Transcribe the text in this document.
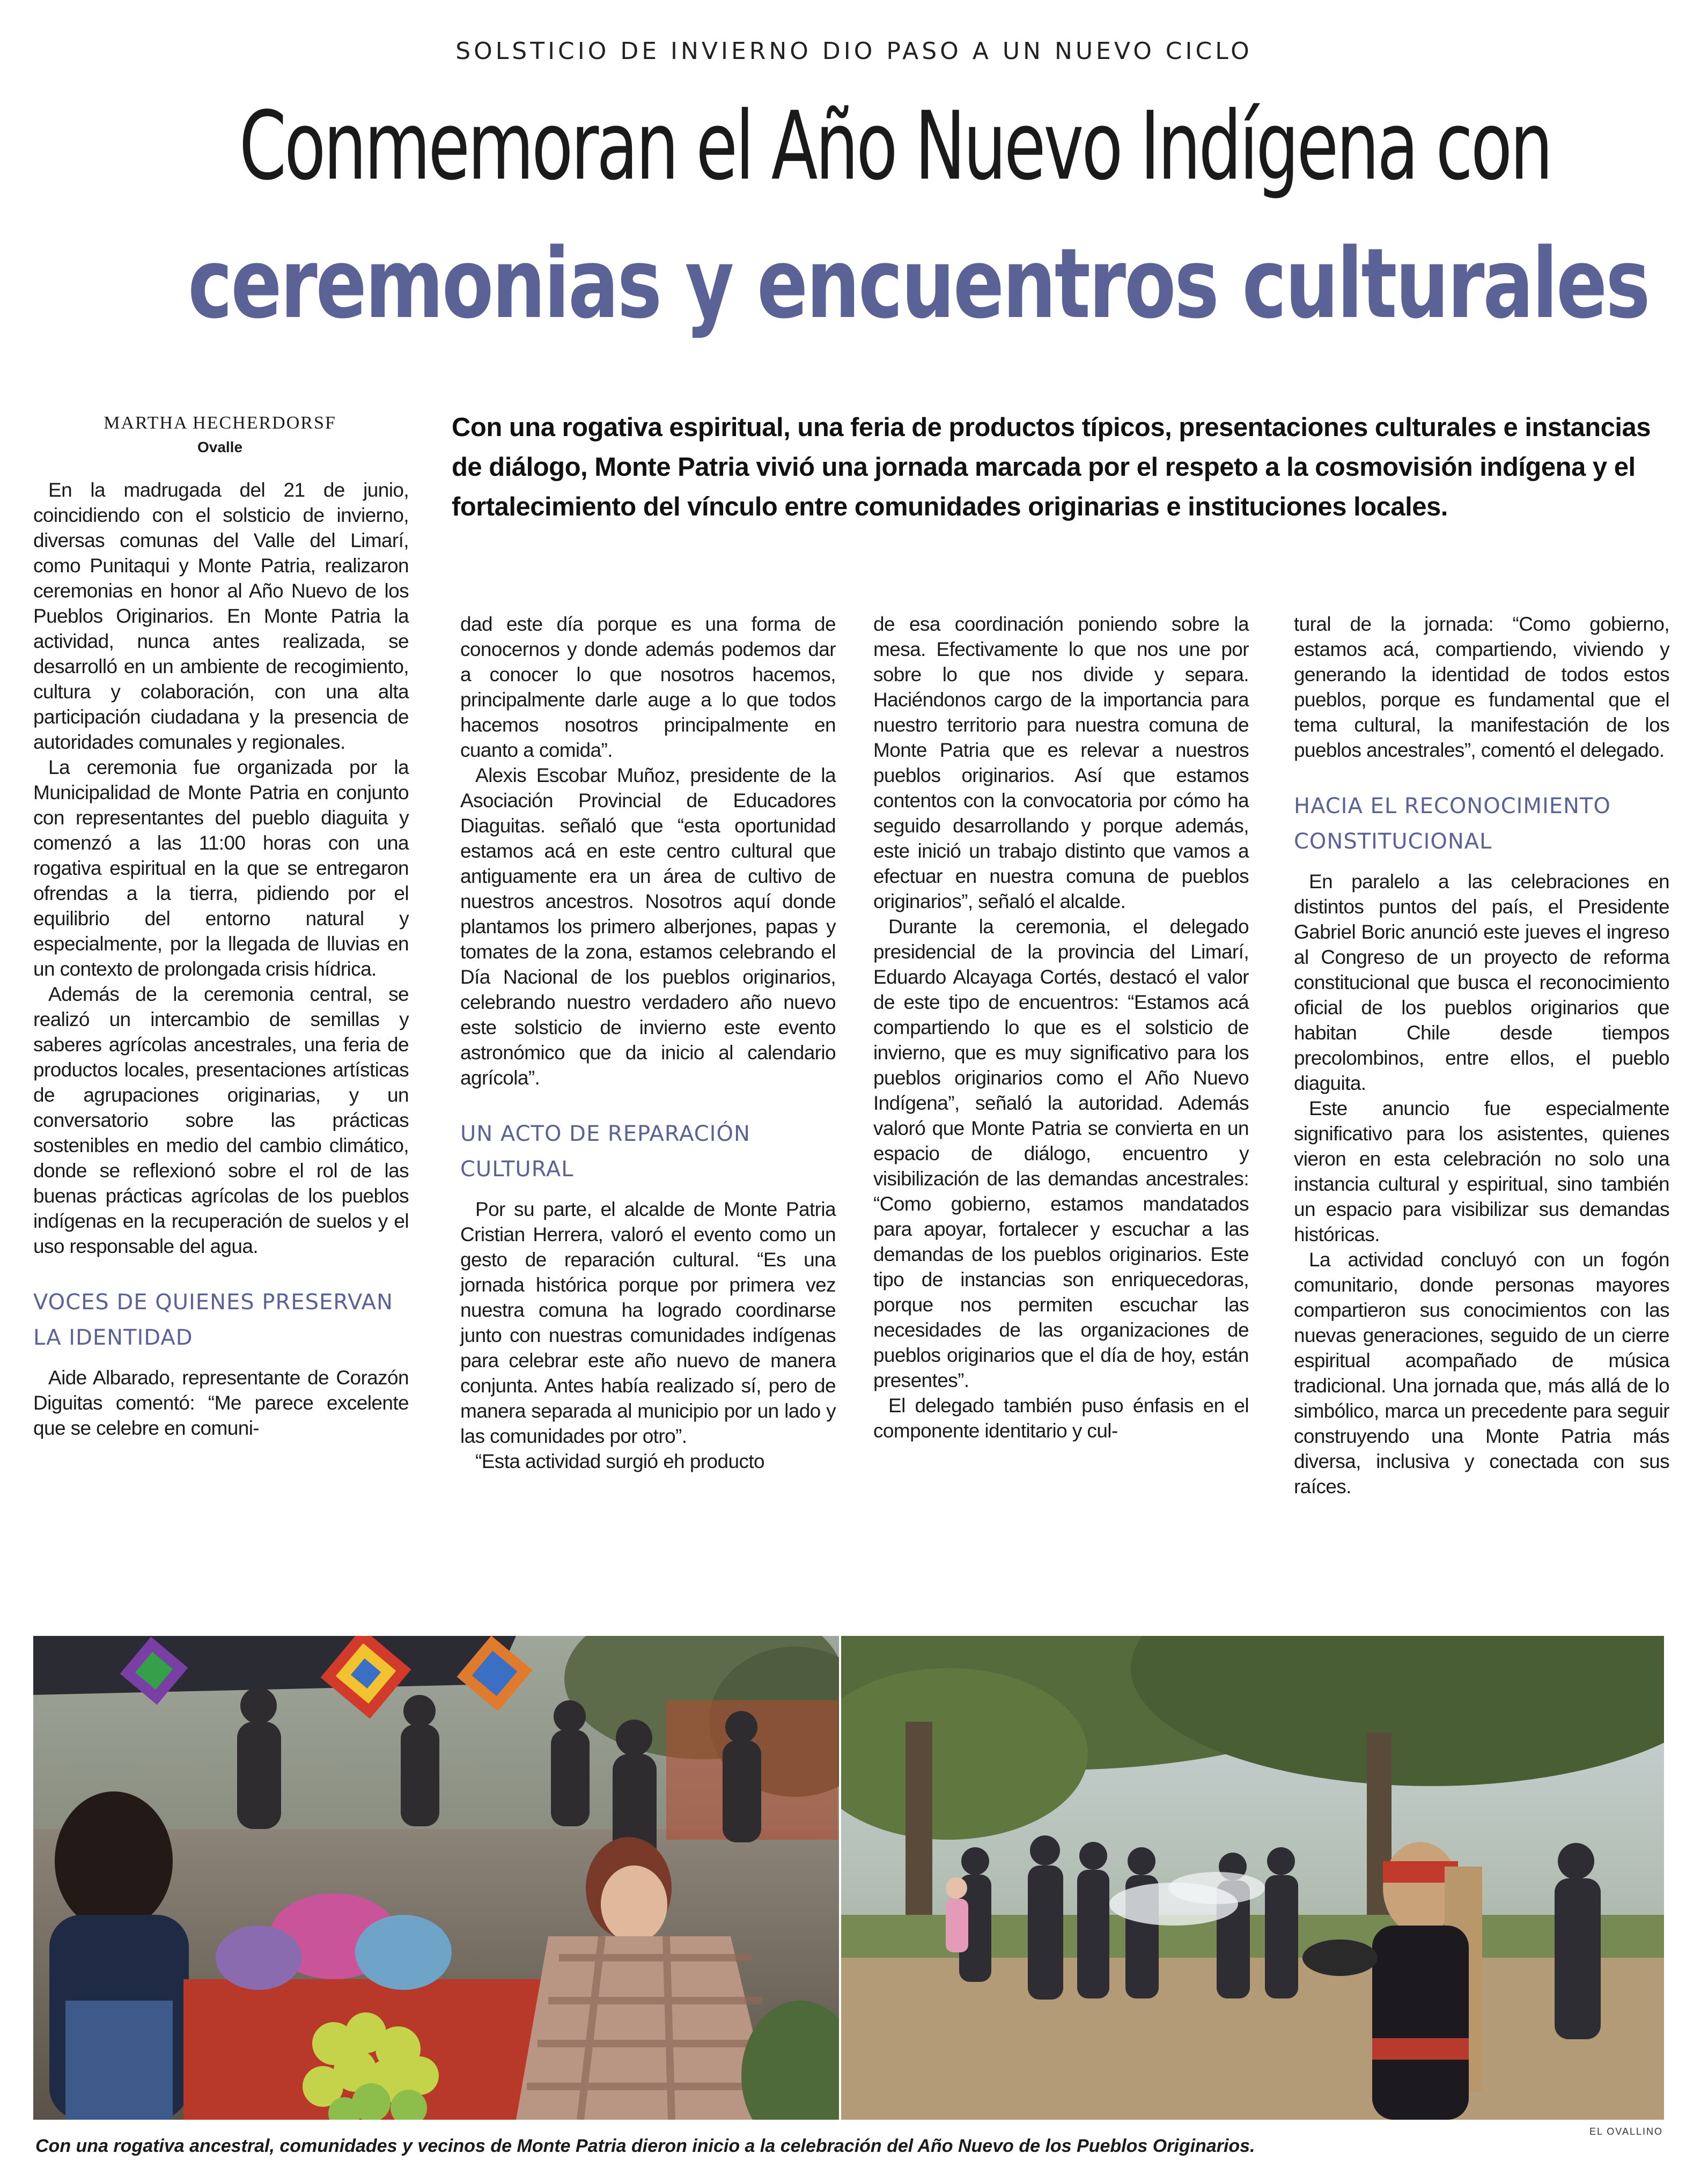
SOLSTICIO DE INVIERNO DIO PASO A UN NUEVO CICLO
Conmemoran el Año Nuevo Indígena con
ceremonias y encuentros culturales
MARTHA HECHERDORSF
Ovalle
Con una rogativa espiritual, una feria de productos típicos, presentaciones culturales e instancias de diálogo, Monte Patria vivió una jornada marcada por el respeto a la cosmovisión indígena y el fortalecimiento del vínculo entre comunidades originarias e instituciones locales.

En la madrugada del 21 de junio, coincidiendo con el solsticio de invierno, diversas comunas del Valle del Limarí, como Punitaqui y Monte Patria, realizaron ceremonias en honor al Año Nuevo de los Pueblos Originarios. En Monte Patria la actividad, nunca antes realizada, se desarrolló en un ambiente de recogimiento, cultura y colaboración, con una alta participación ciudadana y la presencia de autoridades comunales y regionales.

La ceremonia fue organizada por la Municipalidad de Monte Patria en conjunto con representantes del pueblo diaguita y comenzó a las 11:00 horas con una rogativa espiritual en la que se entregaron ofrendas a la tierra, pidiendo por el equilibrio del entorno natural y especialmente, por la llegada de lluvias en un contexto de prolongada crisis hídrica.

Además de la ceremonia central, se realizó un intercambio de semillas y saberes agrícolas ancestrales, una feria de productos locales, presentaciones artísticas de agrupaciones originarias, y un conversatorio sobre las prácticas sostenibles en medio del cambio climático, donde se reflexionó sobre el rol de las buenas prácticas agrícolas de los pueblos indígenas en la recuperación de suelos y el uso responsable del agua.

VOCES DE QUIENES PRESERVAN LA IDENTIDAD

Aide Albarado, representante de Corazón Diguitas comentó: “Me parece excelente que se celebre en comuni-

dad este día porque es una forma de conocernos y donde además podemos dar a conocer lo que nosotros hacemos, principalmente darle auge a lo que todos hacemos nosotros principalmente en cuanto a comida”.

Alexis Escobar Muñoz, presidente de la Asociación Provincial de Educadores Diaguitas. señaló que “esta oportunidad estamos acá en este centro cultural que antiguamente era un área de cultivo de nuestros ancestros. Nosotros aquí donde plantamos los primero alberjones, papas y tomates de la zona, estamos celebrando el Día Nacional de los pueblos originarios, celebrando nuestro verdadero año nuevo este solsticio de invierno este evento astronómico que da inicio al calendario agrícola”.

UN ACTO DE REPARACIÓN CULTURAL

Por su parte, el alcalde de Monte Patria Cristian Herrera, valoró el evento como un gesto de reparación cultural. “Es una jornada histórica porque por primera vez nuestra comuna ha logrado coordinarse junto con nuestras comunidades indígenas para celebrar este año nuevo de manera conjunta. Antes había realizado sí, pero de manera separada al municipio por un lado y las comunidades por otro”.

“Esta actividad surgió eh producto

de esa coordinación poniendo sobre la mesa. Efectivamente lo que nos une por sobre lo que nos divide y separa. Haciéndonos cargo de la importancia para nuestro territorio para nuestra comuna de Monte Patria que es relevar a nuestros pueblos originarios. Así que estamos contentos con la convocatoria por cómo ha seguido desarrollando y porque además, este inició un trabajo distinto que vamos a efectuar en nuestra comuna de pueblos originarios”, señaló el alcalde.

Durante la ceremonia, el delegado presidencial de la provincia del Limarí, Eduardo Alcayaga Cortés, destacó el valor de este tipo de encuentros: “Estamos acá compartiendo lo que es el solsticio de invierno, que es muy significativo para los pueblos originarios como el Año Nuevo Indígena”, señaló la autoridad. Además valoró que Monte Patria se convierta en un espacio de diálogo, encuentro y visibilización de las demandas ancestrales: “Como gobierno, estamos mandatados para apoyar, fortalecer y escuchar a las demandas de los pueblos originarios. Este tipo de instancias son enriquecedoras, porque nos permiten escuchar las necesidades de las organizaciones de pueblos originarios que el día de hoy, están presentes”.

El delegado también puso énfasis en el componente identitario y cul-

tural de la jornada: “Como gobierno, estamos acá, compartiendo, viviendo y generando la identidad de todos estos pueblos, porque es fundamental que el tema cultural, la manifestación de los pueblos ancestrales”, comentó el delegado.

HACIA EL RECONOCIMIENTO CONSTITUCIONAL

En paralelo a las celebraciones en distintos puntos del país, el Presidente Gabriel Boric anunció este jueves el ingreso al Congreso de un proyecto de reforma constitucional que busca el reconocimiento oficial de los pueblos originarios que habitan Chile desde tiempos precolombinos, entre ellos, el pueblo diaguita.

Este anuncio fue especialmente significativo para los asistentes, quienes vieron en esta celebración no solo una instancia cultural y espiritual, sino también un espacio para visibilizar sus demandas históricas.

La actividad concluyó con un fogón comunitario, donde personas mayores compartieron sus conocimientos con las nuevas generaciones, seguido de un cierre espiritual acompañado de música tradicional. Una jornada que, más allá de lo simbólico, marca un precedente para seguir construyendo una Monte Patria más diversa, inclusiva y conectada con sus raíces.

EL OVALLINO
Con una rogativa ancestral, comunidades y vecinos de Monte Patria dieron inicio a la celebración del Año Nuevo de los Pueblos Originarios.
